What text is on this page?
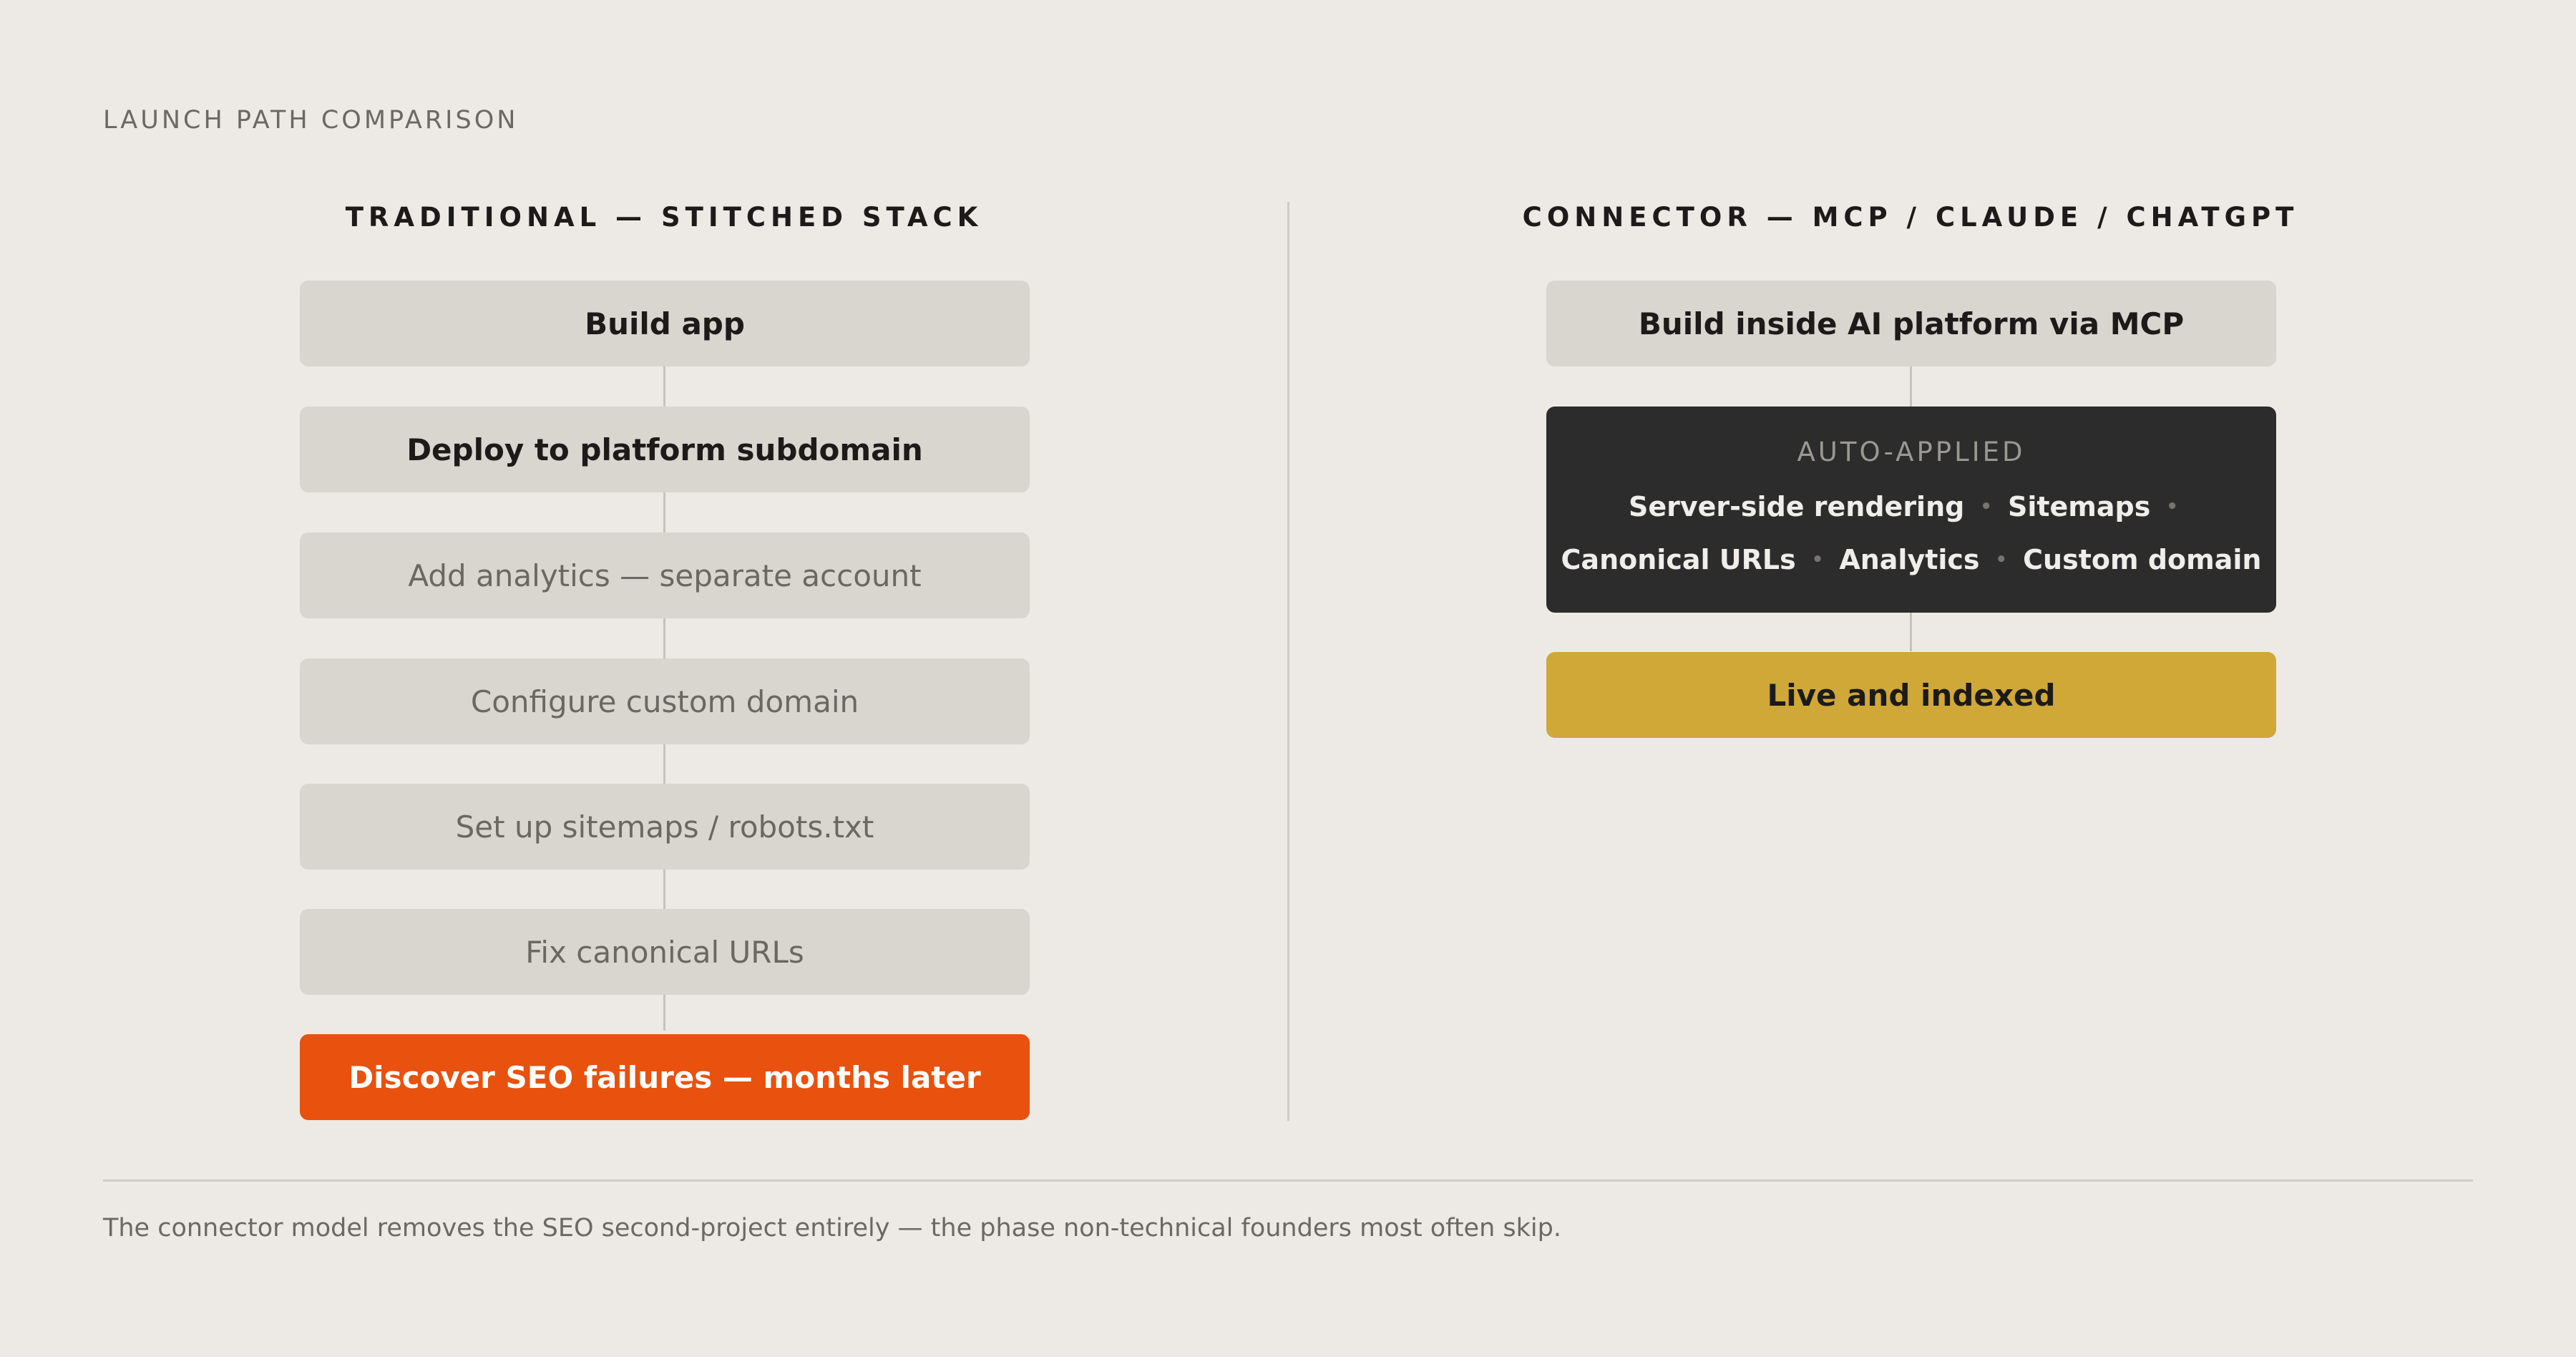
LAUNCH PATH COMPARISON
TRADITIONAL — STITCHED STACK
Build app
Deploy to platform subdomain
Add analytics — separate account
Configure custom domain
Set up sitemaps / robots.txt
Fix canonical URLs
Discover SEO failures — months later
CONNECTOR — MCP / CLAUDE / CHATGPT
Build inside AI platform via MCP
AUTO-APPLIED
Server-side rendering • Sitemaps •
Canonical URLs • Analytics • Custom domain
Live and indexed
The connector model removes the SEO second-project entirely — the phase non-technical founders most often skip.
